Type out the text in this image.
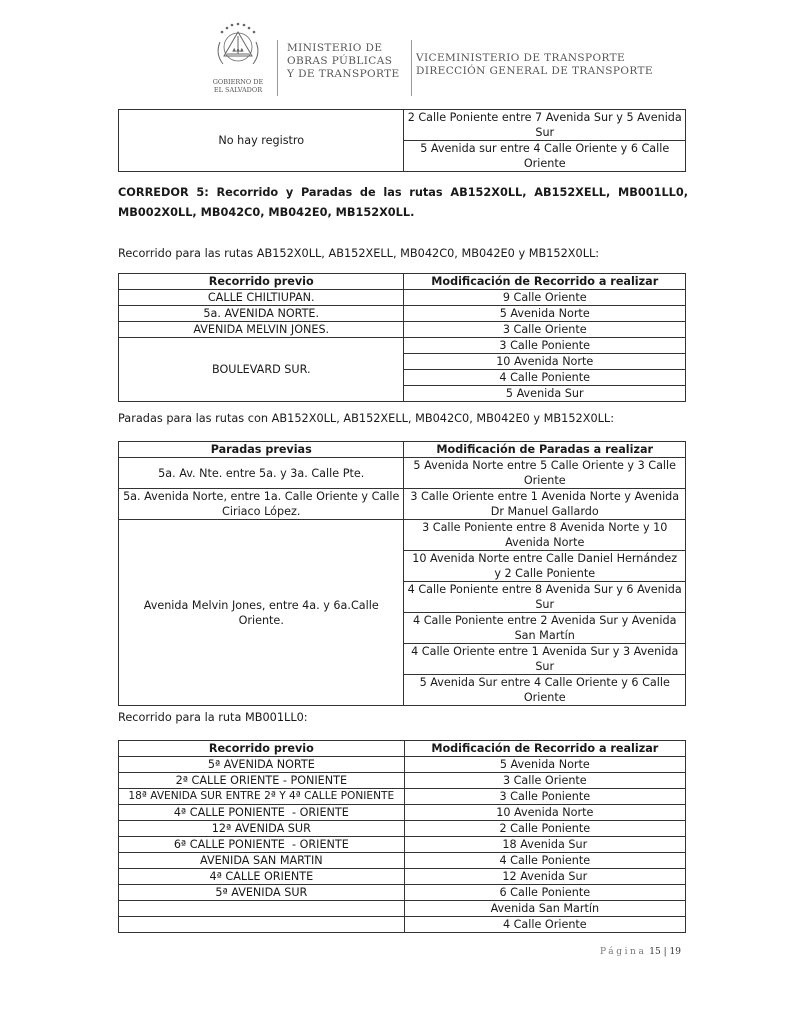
▲▲▲
GOBIERNO DE
EL SALVADOR
MINISTERIO DE
OBRAS PÚBLICAS
Y DE TRANSPORTE
VICEMINISTERIO DE TRANSPORTE
DIRECCIÓN GENERAL DE TRANSPORTE
No hay registro	2 Calle Poniente entre 7 Avenida Sur y 5 Avenida Sur
5 Avenida sur entre 4 Calle Oriente y 6 Calle Oriente
CORREDOR 5: Recorrido y Paradas de las rutas AB152X0LL, AB152XELL, MB001LL0, MB002X0LL, MB042C0, MB042E0, MB152X0LL.
Recorrido para las rutas AB152X0LL, AB152XELL, MB042C0, MB042E0 y MB152X0LL:
Recorrido previo	Modificación de Recorrido a realizar
CALLE CHILTIUPAN.	9 Calle Oriente
5a. AVENIDA NORTE.	5 Avenida Norte
AVENIDA MELVIN JONES.	3 Calle Oriente
BOULEVARD SUR.	3 Calle Poniente
	10 Avenida Norte
	4 Calle Poniente
	5 Avenida Sur
Paradas para las rutas con AB152X0LL, AB152XELL, MB042C0, MB042E0 y MB152X0LL:
Paradas previas	Modificación de Paradas a realizar
5a. Av. Nte. entre 5a. y 3a. Calle Pte.	5 Avenida Norte entre 5 Calle Oriente y 3 Calle Oriente
5a. Avenida Norte, entre 1a. Calle Oriente y Calle Ciriaco López.	3 Calle Oriente entre 1 Avenida Norte y Avenida Dr Manuel Gallardo
Avenida Melvin Jones, entre 4a. y 6a.Calle Oriente.	3 Calle Poniente entre 8 Avenida Norte y 10 Avenida Norte
	10 Avenida Norte entre Calle Daniel Hernández y 2 Calle Poniente
	4 Calle Poniente entre 8 Avenida Sur y 6 Avenida Sur
	4 Calle Poniente entre 2 Avenida Sur y Avenida San Martín
	4 Calle Oriente entre 1 Avenida Sur y 3 Avenida Sur
	5 Avenida Sur entre 4 Calle Oriente y 6 Calle Oriente
Recorrido para la ruta MB001LL0:
Recorrido previo	Modificación de Recorrido a realizar
5ª AVENIDA NORTE	5 Avenida Norte
2ª CALLE ORIENTE - PONIENTE	3 Calle Oriente
18ª AVENIDA SUR ENTRE 2ª Y 4ª CALLE PONIENTE	3 Calle Poniente
4ª CALLE PONIENTE  - ORIENTE	10 Avenida Norte
12ª AVENIDA SUR	2 Calle Poniente
6ª CALLE PONIENTE  - ORIENTE	18 Avenida Sur
AVENIDA SAN MARTIN	4 Calle Poniente
4ª CALLE ORIENTE	12 Avenida Sur
5ª AVENIDA SUR	6 Calle Poniente
	Avenida San Martín
	4 Calle Oriente
Página 15 | 19
